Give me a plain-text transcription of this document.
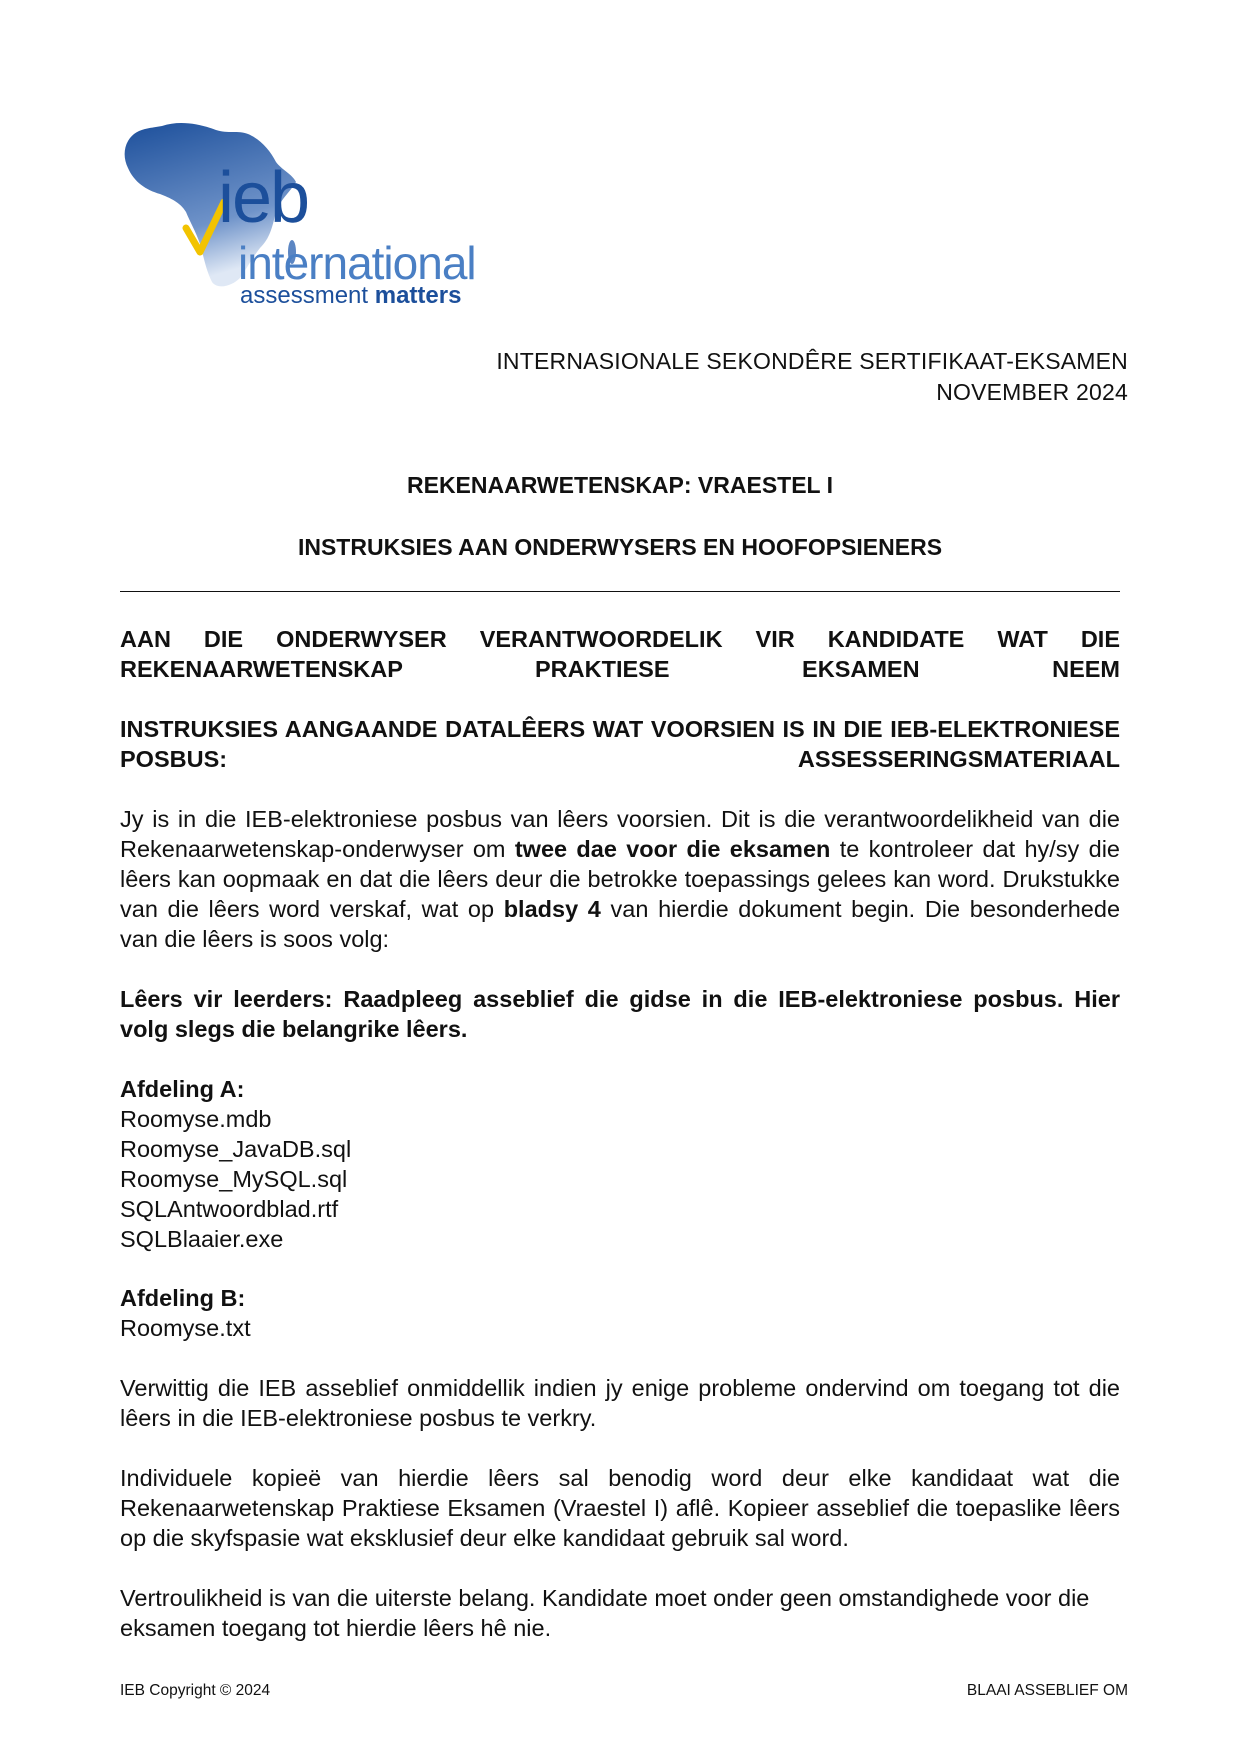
ieb
international
assessment matters
INTERNASIONALE SEKONDÊRE SERTIFIKAAT-EKSAMEN
NOVEMBER 2024
REKENAARWETENSKAP: VRAESTEL I
INSTRUKSIES AAN ONDERWYSERS EN HOOFOPSIENERS
AAN DIE ONDERWYSER VERANTWOORDELIK VIR KANDIDATE WAT DIE REKENAARWETENSKAP PRAKTIESE EKSAMEN NEEM
INSTRUKSIES AANGAANDE DATALÊERS WAT VOORSIEN IS IN DIE IEB-ELEKTRONIESE POSBUS: ASSESSERINGSMATERIAAL
Jy is in die IEB-elektroniese posbus van lêers voorsien. Dit is die verantwoordelikheid van die Rekenaarwetenskap-onderwyser om twee dae voor die eksamen te kontroleer dat hy/sy die lêers kan oopmaak en dat die lêers deur die betrokke toepassings gelees kan word. Drukstukke van die lêers word verskaf, wat op bladsy 4 van hierdie dokument begin. Die besonderhede van die lêers is soos volg:
Lêers vir leerders: Raadpleeg asseblief die gidse in die IEB-elektroniese posbus. Hier volg slegs die belangrike lêers.
Afdeling A:
Roomyse.mdb
Roomyse_JavaDB.sql
Roomyse_MySQL.sql
SQLAntwoordblad.rtf
SQLBlaaier.exe
Afdeling B:
Roomyse.txt
Verwittig die IEB asseblief onmiddellik indien jy enige probleme ondervind om toegang tot die lêers in die IEB-elektroniese posbus te verkry.
Individuele kopieë van hierdie lêers sal benodig word deur elke kandidaat wat die Rekenaarwetenskap Praktiese Eksamen (Vraestel I) aflê. Kopieer asseblief die toepaslike lêers op die skyfspasie wat eksklusief deur elke kandidaat gebruik sal word.
Vertroulikheid is van die uiterste belang. Kandidate moet onder geen omstandighede voor die eksamen toegang tot hierdie lêers hê nie.
IEB Copyright © 2024	BLAAI ASSEBLIEF OM
